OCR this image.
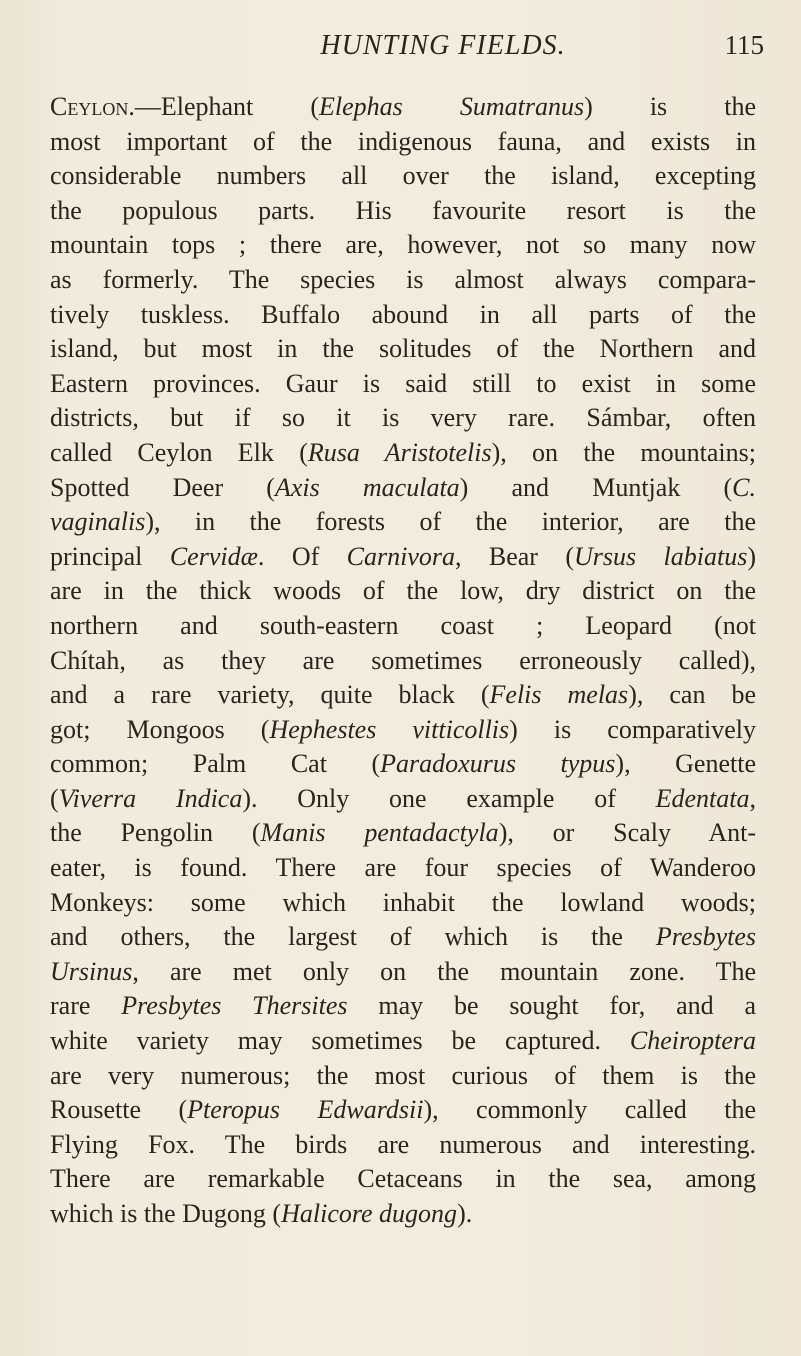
HUNTING FIELDS.	115
Ceylon.—Elephant (Elephas Sumatranus) is the
most important of the indigenous fauna, and exists in
considerable numbers all over the island, excepting
the populous parts. His favourite resort is the
mountain tops ; there are, however, not so many now
as formerly. The species is almost always compara-
tively tuskless. Buffalo abound in all parts of the
island, but most in the solitudes of the Northern and
Eastern provinces. Gaur is said still to exist in some
districts, but if so it is very rare. Sámbar, often
called Ceylon Elk (Rusa Aristotelis), on the mountains;
Spotted Deer (Axis maculata) and Muntjak (C.
vaginalis), in the forests of the interior, are the
principal Cervidæ. Of Carnivora, Bear (Ursus labiatus)
are in the thick woods of the low, dry district on the
northern and south-eastern coast ; Leopard (not
Chítah, as they are sometimes erroneously called),
and a rare variety, quite black (Felis melas), can be
got; Mongoos (Hephestes vitticollis) is comparatively
common; Palm Cat (Paradoxurus typus), Genette
(Viverra Indica). Only one example of Edentata,
the Pengolin (Manis pentadactyla), or Scaly Ant-
eater, is found. There are four species of Wanderoo
Monkeys: some which inhabit the lowland woods;
and others, the largest of which is the Presbytes
Ursinus, are met only on the mountain zone. The
rare Presbytes Thersites may be sought for, and a
white variety may sometimes be captured. Cheiroptera
are very numerous; the most curious of them is the
Rousette (Pteropus Edwardsii), commonly called the
Flying Fox. The birds are numerous and interesting.
There are remarkable Cetaceans in the sea, among
which is the Dugong (Halicore dugong).
